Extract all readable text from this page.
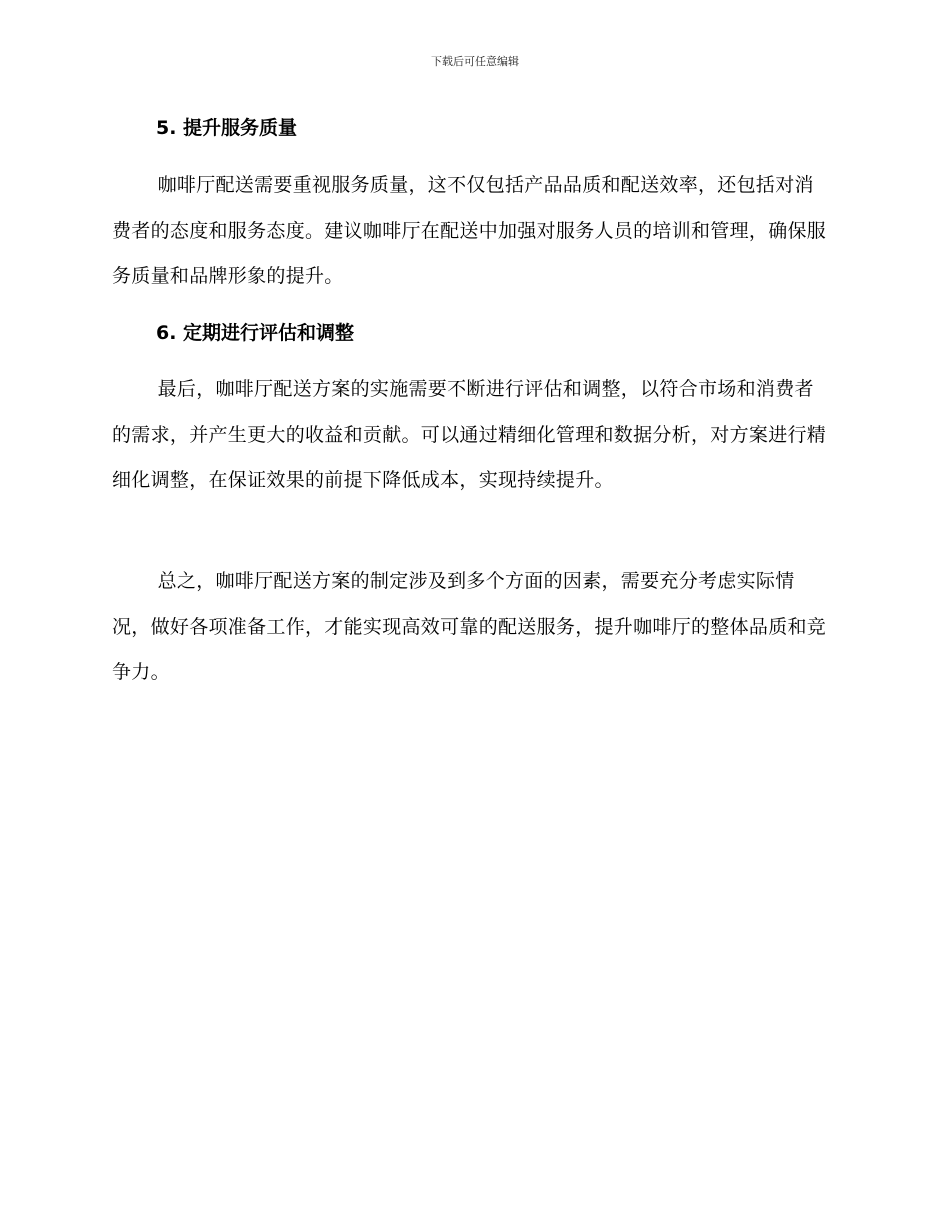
下载后可任意编辑
5. 提升服务质量

咖啡厅配送需要重视服务质量，这不仅包括产品品质和配送效率，还包括对消费者的态度和服务态度。建议咖啡厅在配送中加强对服务人员的培训和管理，确保服务质量和品牌形象的提升。

6. 定期进行评估和调整

最后，咖啡厅配送方案的实施需要不断进行评估和调整，以符合市场和消费者的需求，并产生更大的收益和贡献。可以通过精细化管理和数据分析，对方案进行精细化调整，在保证效果的前提下降低成本，实现持续提升。

总之，咖啡厅配送方案的制定涉及到多个方面的因素，需要充分考虑实际情况，做好各项准备工作，才能实现高效可靠的配送服务，提升咖啡厅的整体品质和竞争力。
